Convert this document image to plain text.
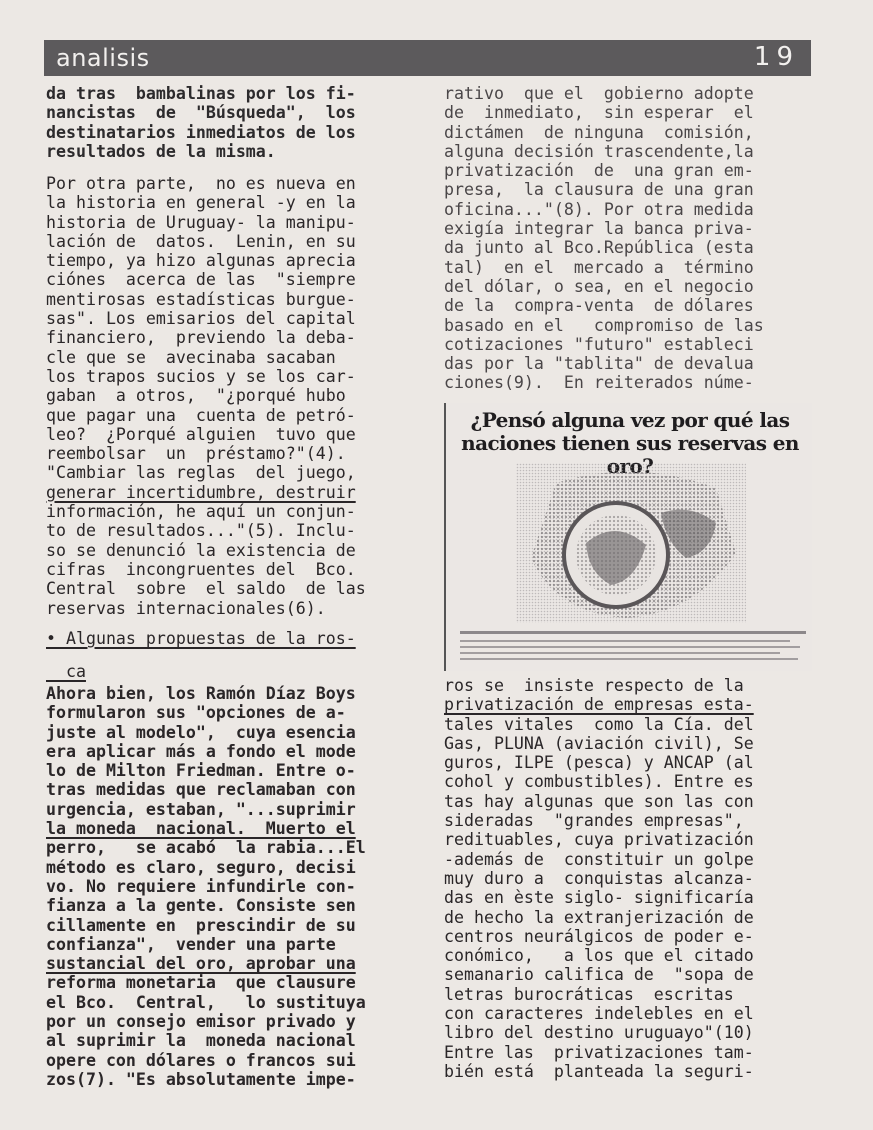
analisis	19
da tras  bambalinas por los fi-
nancistas  de  "Búsqueda",  los
destinatarios inmediatos de los
resultados de la misma.
Por otra parte,  no es nueva en
la historia en general -y en la
historia de Uruguay- la manipu-
lación de  datos.  Lenin, en su
tiempo, ya hizo algunas aprecia
ciónes  acerca de las  "siempre
mentirosas estadísticas burgue-
sas". Los emisarios del capital
financiero,  previendo la deba-
cle que se  avecinaba sacaban
los trapos sucios y se los car-
gaban  a otros,  "¿porqué hubo
que pagar una  cuenta de petró-
leo?  ¿Porqué alguien  tuvo que
reembolsar  un  préstamo?"(4).
"Cambiar las reglas  del juego,
generar incertidumbre, destruir
información, he aquí un conjun-
to de resultados..."(5). Inclu-
so se denunció la existencia de
cifras  incongruentes del  Bco.
Central  sobre  el saldo  de las
reservas internacionales(6).
• Algunas propuestas de la ros-
ca
Ahora bien, los Ramón Díaz Boys
formularon sus "opciones de a-
juste al modelo",  cuya esencia
era aplicar más a fondo el mode
lo de Milton Friedman. Entre o-
tras medidas que reclamaban con
urgencia, estaban, "...suprimir
la moneda  nacional.  Muerto el
perro,   se acabó  la rabia...El
método es claro, seguro, decisi
vo. No requiere infundirle con-
fianza a la gente. Consiste sen
cillamente en  prescindir de su
confianza",  vender una parte
sustancial del oro, aprobar una
reforma monetaria  que clausure
el Bco.  Central,   lo sustituya
por un consejo emisor privado y
al suprimir la  moneda nacional
opere con dólares o francos sui
zos(7). "Es absolutamente impe-
rativo  que el  gobierno adopte
de  inmediato,  sin esperar  el
dictámen  de ninguna  comisión,
alguna decisión trascendente,la
privatización  de  una gran em-
presa,  la clausura de una gran
oficina..."(8). Por otra medida
exigía integrar la banca priva-
da junto al Bco.República (esta
tal)  en el  mercado a  término
del dólar, o sea, en el negocio
de la  compra-venta  de dólares
basado en el   compromiso de las
cotizaciones "futuro" estableci
das por la "tablita" de devalua
ciones(9).  En reiterados núme-
¿Pensó alguna vez por qué las naciones tienen sus reservas en
ros se  insiste respecto de la
privatización de empresas esta-
tales vitales  como la Cía. del
Gas, PLUNA (aviación civil), Se
guros, ILPE (pesca) y ANCAP (al
cohol y combustibles). Entre es
tas hay algunas que son las con
sideradas  "grandes empresas",
redituables, cuya privatización
-además de  constituir un golpe
muy duro a  conquistas alcanza-
das en èste siglo- significaría
de hecho la extranjerización de
centros neurálgicos de poder e-
conómico,   a los que el citado
semanario califica de  "sopa de
letras burocráticas  escritas
con caracteres indelebles en el
libro del destino uruguayo"(10)
Entre las  privatizaciones tam-
bién está  planteada la seguri-
